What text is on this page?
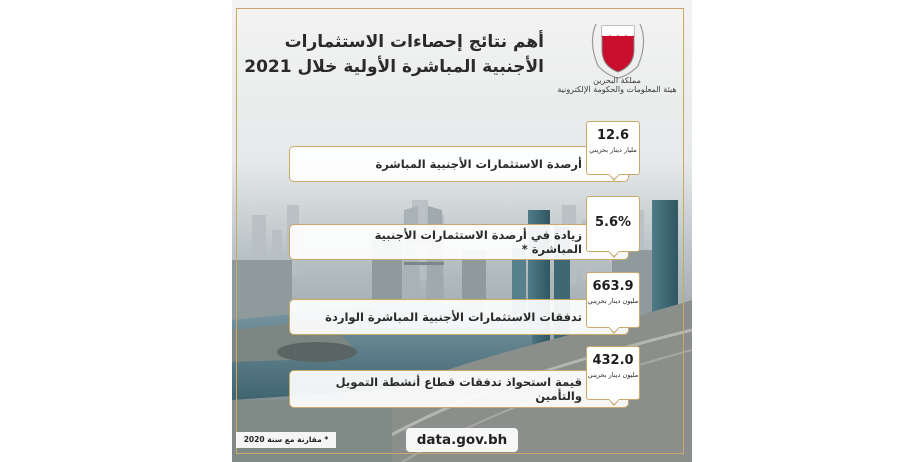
أهم نتائج إحصاءات الاستثمارات
الأجنبية المباشرة الأولية خلال 2021
مملكة البحرين
هيئة المعلومات والحكومة الإلكترونية
أرصدة الاستثمارات الأجنبية المباشرة
12.6
مليار دينار بحريني
زيادة في أرصدة الاستثمارات الأجنبية المباشرة *
5.6%
تدفقات الاستثمارات الأجنبية المباشرة الواردة
663.9
مليون دينار بحريني
قيمة استحواذ تدفقات قطاع أنشطة التمويل والتأمين
432.0
مليون دينار بحريني
data.gov.bh
* مقارنة مع سنة 2020
